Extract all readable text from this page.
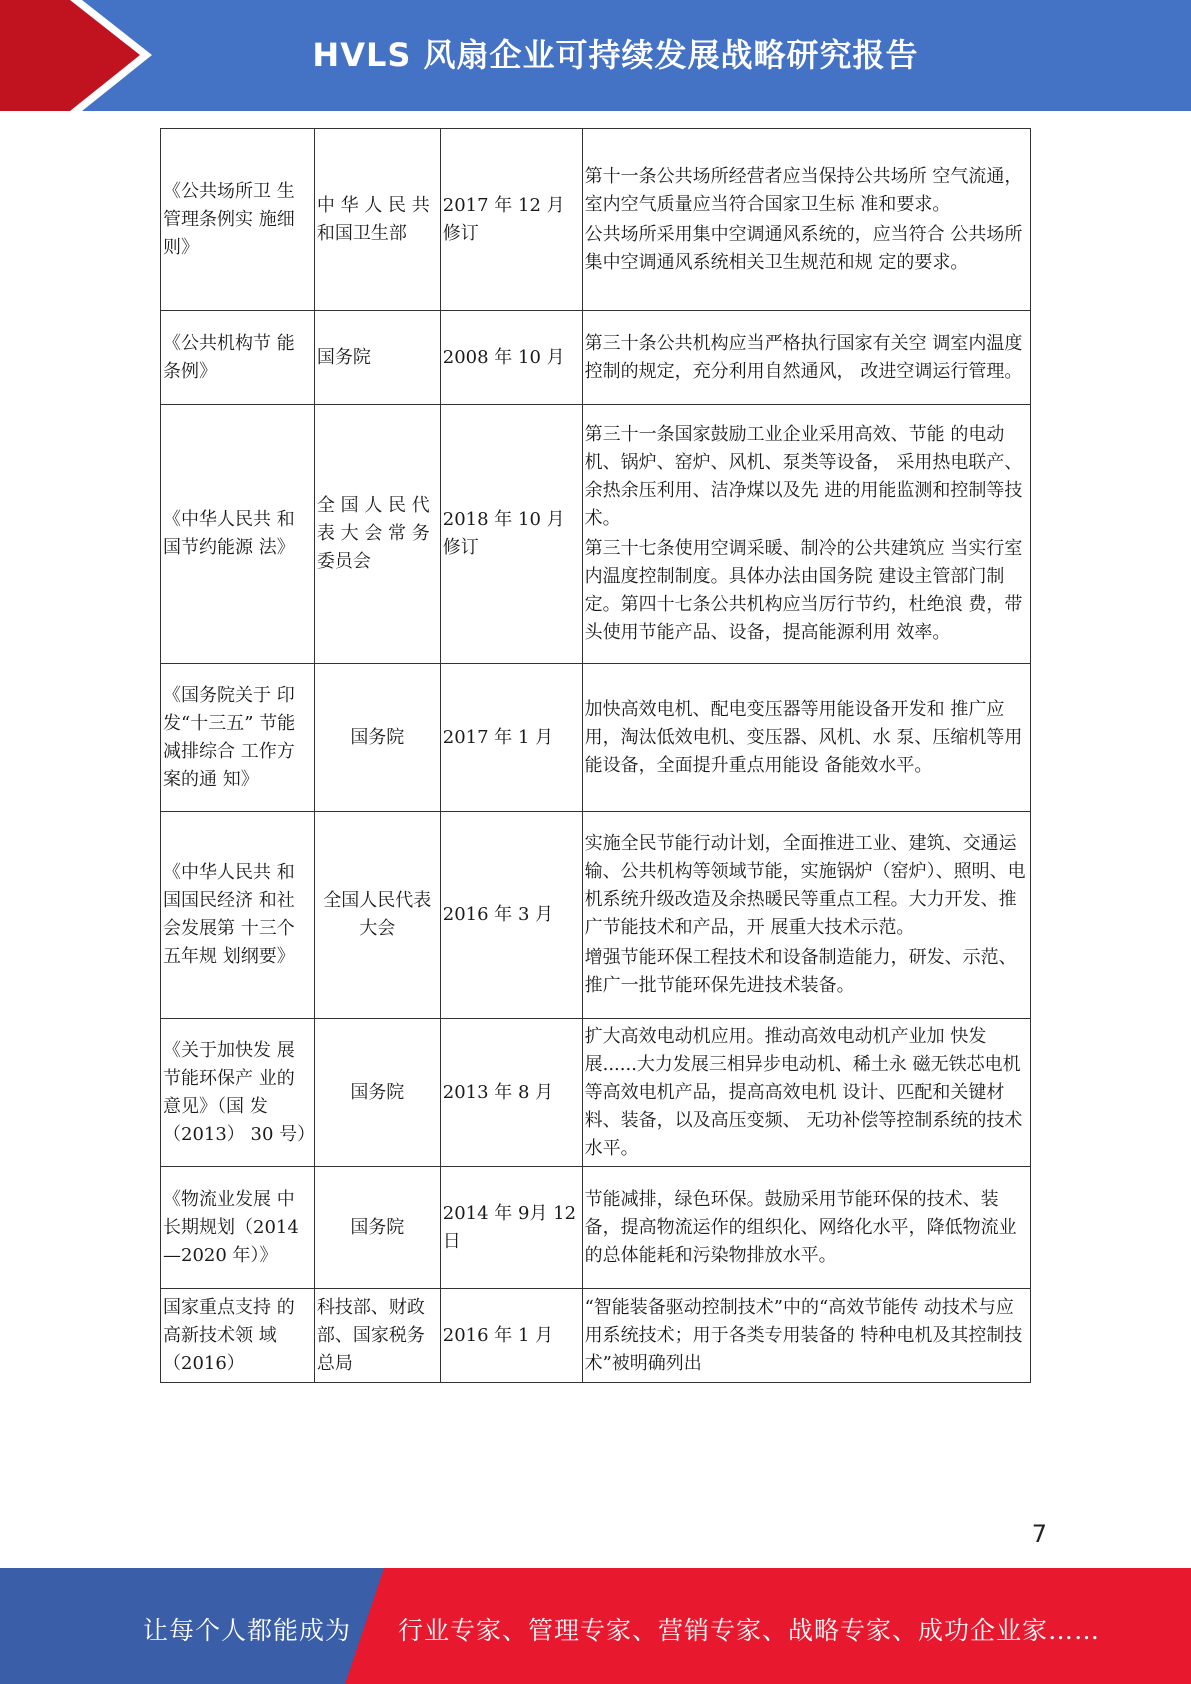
HVLS 风扇企业可持续发展战略研究报告
《公共场所卫 生管理条例实 施细则》	中 华 人 民 共 和国卫生部	2017 年 12 月 修订	第十一条公共场所经营者应当保持公共场所 空气流通，室内空气质量应当符合国家卫生标 准和要求。

公共场所采用集中空调通风系统的，应当符合 公共场所集中空调通风系统相关卫生规范和规 定的要求。

《公共机构节 能条例》	国务院	2008 年 10 月	第三十条公共机构应当严格执行国家有关空 调室内温度控制的规定，充分利用自然通风， 改进空调运行管理。

《中华人民共 和国节约能源 法》	全 国 人 民 代 表 大 会 常 务 委员会	2018 年 10 月 修订	第三十一条国家鼓励工业企业采用高效、节能 的电动机、锅炉、窑炉、风机、泵类等设备， 采用热电联产、余热余压利用、洁净煤以及先 进的用能监测和控制等技术。

第三十七条使用空调采暖、制冷的公共建筑应 当实行室内温度控制制度。具体办法由国务院 建设主管部门制定。第四十七条公共机构应当厉行节约，杜绝浪 费，带头使用节能产品、设备，提高能源利用 效率。

《国务院关于 印发“十三五” 节能减排综合 工作方案的通 知》	国务院	2017 年 1 月	加快高效电机、配电变压器等用能设备开发和 推广应用，淘汰低效电机、变压器、风机、水 泵、压缩机等用能设备，全面提升重点用能设 备能效水平。

《中华人民共 和国国民经济 和社会发展第 十三个五年规 划纲要》	全国人民代表大会	2016 年 3 月	实施全民节能行动计划，全面推进工业、建筑、交通运输、公共机构等领域节能，实施锅炉（窑炉）、照明、电机系统升级改造及余热暖民等重点工程。大力开发、推广节能技术和产品，开 展重大技术示范。

增强节能环保工程技术和设备制造能力，研发、示范、推广一批节能环保先进技术装备。

《关于加快发 展节能环保产 业的意见》（国 发（2013） 30 号）	国务院	2013 年 8 月	扩大高效电动机应用。推动高效电动机产业加 快发展......大力发展三相异步电动机、稀土永 磁无铁芯电机等高效电机产品，提高高效电机 设计、匹配和关键材料、装备，以及高压变频、 无功补偿等控制系统的技术水平。

《物流业发展 中长期规划（2014—2020 年）》	国务院	2014 年 9月 12 日	节能减排，绿色环保。鼓励采用节能环保的技术、装备，提高物流运作的组织化、网络化水平，降低物流业的总体能耗和污染物排放水平。

国家重点支持 的高新技术领 域（2016）	科技部、财政部、国家税务总局	2016 年 1 月	“智能装备驱动控制技术”中的“高效节能传 动技术与应用系统技术；用于各类专用装备的 特种电机及其控制技术”被明确列出

7
让每个人都能成为 行业专家、管理专家、营销专家、战略专家、成功企业家……
